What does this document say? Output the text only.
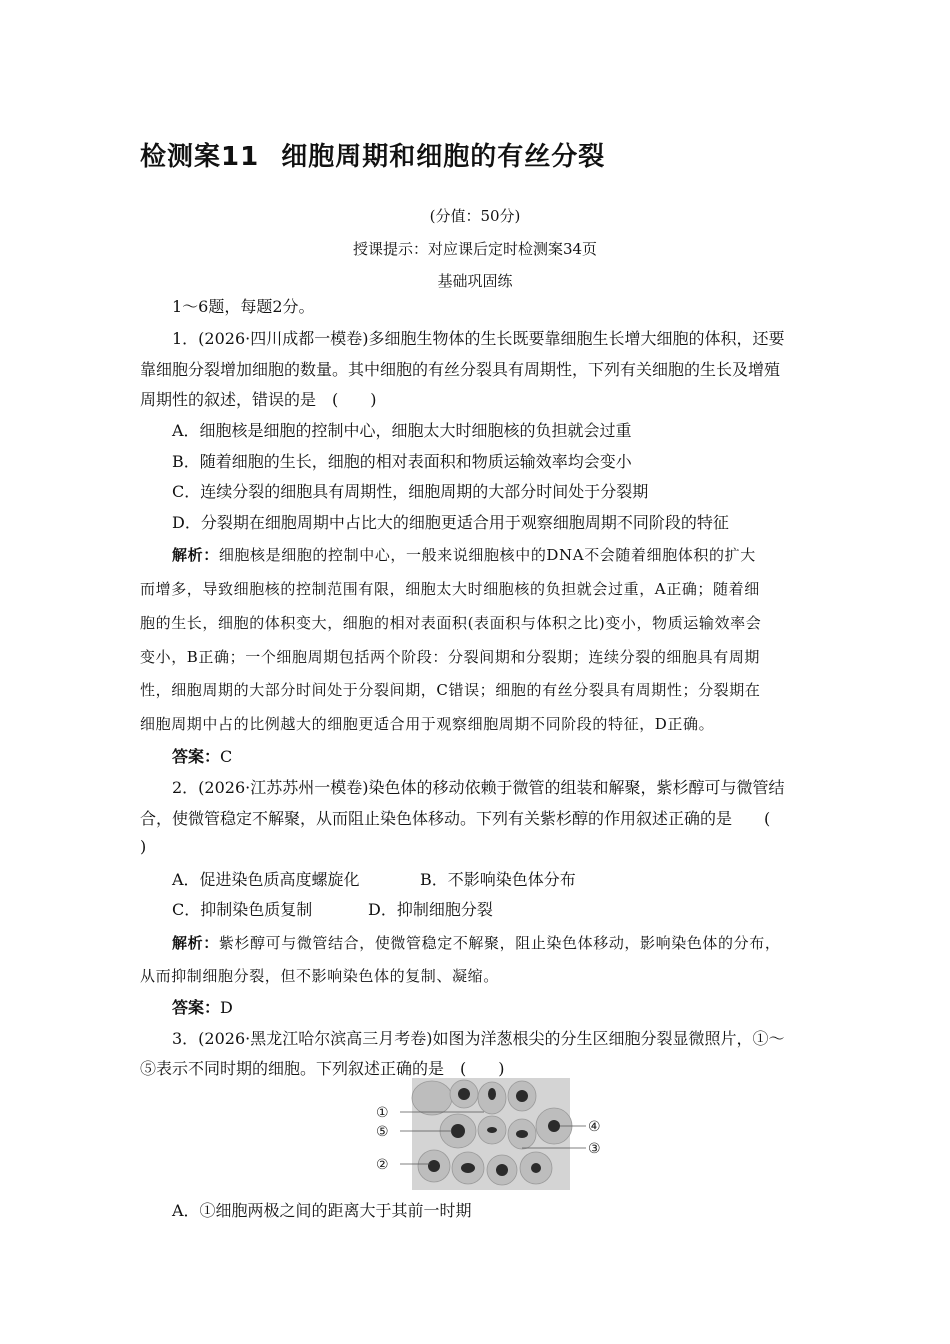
检测案11 细胞周期和细胞的有丝分裂
(分值：50分)
授课提示：对应课后定时检测案34页
基础巩固练
1～6题，每题2分。
1．(2026·四川成都一模卷)多细胞生物体的生长既要靠细胞生长增大细胞的体积，还要
靠细胞分裂增加细胞的数量。其中细胞的有丝分裂具有周期性，下列有关细胞的生长及增殖
周期性的叙述，错误的是　(　　)
A．细胞核是细胞的控制中心，细胞太大时细胞核的负担就会过重
B．随着细胞的生长，细胞的相对表面积和物质运输效率均会变小
C．连续分裂的细胞具有周期性，细胞周期的大部分时间处于分裂期
D．分裂期在细胞周期中占比大的细胞更适合用于观察细胞周期不同阶段的特征
解析：细胞核是细胞的控制中心，一般来说细胞核中的DNA不会随着细胞体积的扩大
而增多，导致细胞核的控制范围有限，细胞太大时细胞核的负担就会过重，A正确；随着细
胞的生长，细胞的体积变大，细胞的相对表面积(表面积与体积之比)变小，物质运输效率会
变小，B正确；一个细胞周期包括两个阶段：分裂间期和分裂期；连续分裂的细胞具有周期
性，细胞周期的大部分时间处于分裂间期，C错误；细胞的有丝分裂具有周期性；分裂期在
细胞周期中占的比例越大的细胞更适合用于观察细胞周期不同阶段的特征，D正确。
答案：C
2．(2026·江苏苏州一模卷)染色体的移动依赖于微管的组装和解聚，紫杉醇可与微管结
合，使微管稳定不解聚，从而阻止染色体移动。下列有关紫杉醇的作用叙述正确的是　　(
)
A．促进染色质高度螺旋化	B．不影响染色体分布
C．抑制染色质复制	D．抑制细胞分裂
解析：紫杉醇可与微管结合，使微管稳定不解聚，阻止染色体移动，影响染色体的分布，
从而抑制细胞分裂，但不影响染色体的复制、凝缩。
答案：D
3．(2026·黑龙江哈尔滨高三月考卷)如图为洋葱根尖的分生区细胞分裂显微照片，①～
⑤表示不同时期的细胞。下列叙述正确的是　(　　)
①
⑤
②
④
③
A．①细胞两极之间的距离大于其前一时期
